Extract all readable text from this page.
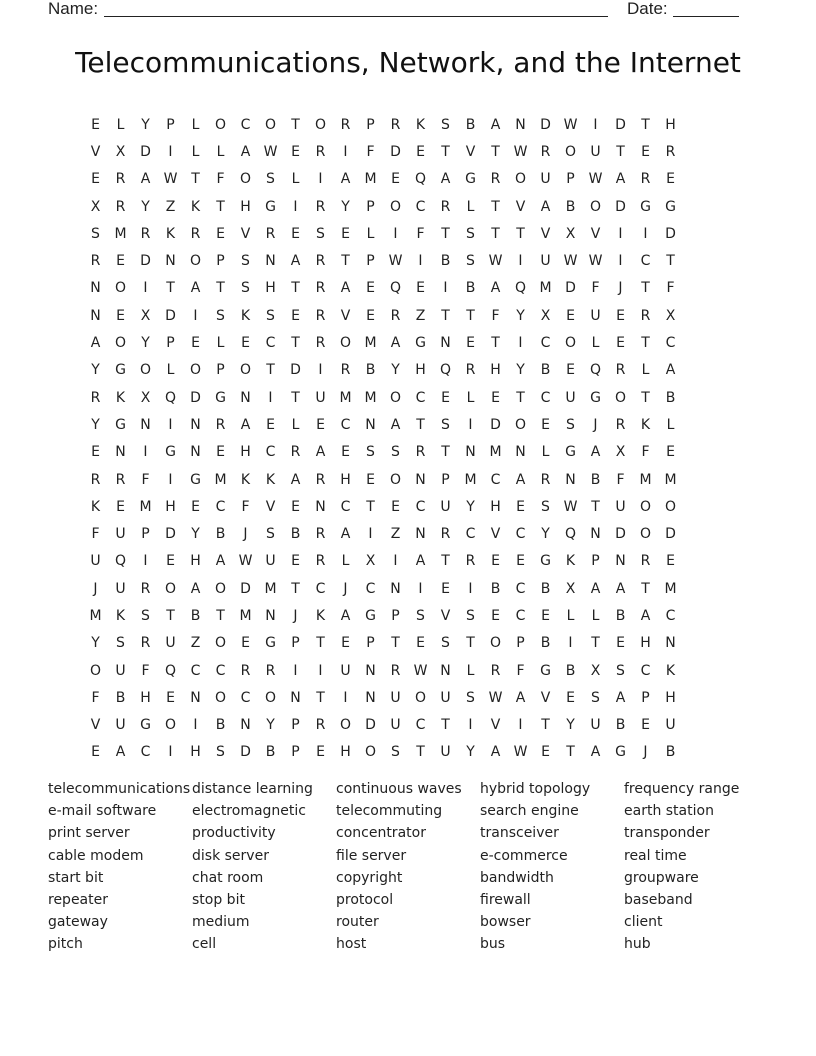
Name:	Date:
Telecommunications, Network, and the Internet
E	L	Y	P	L	O	C	O	T	O	R	P	R	K	S	B	A	N	D W	I	D	T	H
V	X	D	I	L	L	A W E	R	I	F	D	E	T	V	T W R	O	U	T	E	R
E	R	A W T	F	O	S	L	I	A	M	E	Q	A	G	R	O	U	P W A	R	E
X	R	Y	Z	K	T	H	G	I	R	Y	P	O	C	R	L	T	V	A	B	O	D	G	G
S	M	R	K	R	E	V	R	E	S	E	L	I	F	T	S	T	T	V	X	V	I	I	D
R	E	D	N	O	P	S	N	A	R	T	P W	I	B	S W	I	U W W	I	C	T
N	O	I	T	A	T	S	H	T	R	A	E	Q	E	I	B	A	Q M D	F	J	T	F
N	E	X	D	I	S	K	S	E	R	V	E	R	Z	T	T	F	Y	X	E	U	E	R	X
A	O	Y	P	E	L	E	C	T	R	O M	A	G	N	E	T	I	C	O	L	E	T	C
Y	G	O	L	O	P	O	T	D	I	R	B	Y	H	Q	R	H	Y	B	E	Q	R	L	A
R	K	X	Q	D	G	N	I	T	U M M O	C	E	L	E	T	C	U	G	O	T	B
Y	G	N	I	N	R	A	E	L	E	C	N	A	T	S	I	D	O	E	S	J	R	K	L
E	N	I	G	N	E	H	C	R	A	E	S	S	R	T	N M N	L	G	A	X	F	E
R	R	F	I	G M	K	K	A	R	H	E	O	N	P	M	C	A	R	N	B	F	M M
K	E	M H	E	C	F	V	E	N	C	T	E	C	U	Y	H	E	S W T	U	O O
F	U	P	D	Y	B	J	S	B	R	A	I	Z	N	R	C	V	C	Y	Q	N	D	O	D
U	Q	I	E	H	A W U	E	R	L	X	I	A	T	R	E	E	G	K	P	N	R	E
J	U	R	O	A	O	D M	T	C	J	C	N	I	E	I	B	C	B	X	A	A	T	M
M	K	S	T	B	T	M N	J	K	A	G	P	S	V	S	E	C	E	L	L	B	A	C
Y	S	R	U	Z	O	E	G	P	T	E	P	T	E	S	T	O	P	B	I	T	E	H	N
O	U	F	Q	C	C	R	R	I	I	U	N	R W N	L	R	F	G	B	X	S	C	K
F	B	H	E	N	O	C	O	N	T	I	N	U	O	U	S W A	V	E	S	A	P	H
V	U	G	O	I	B	N	Y	P	R	O	D	U	C	T	I	V	I	T	Y	U	B	E	U
E	A	C	I	H	S	D	B	P	E	H	O	S	T	U	Y	A W E	T	A	G	J	B
telecommunications
e-mail software
print server
cable modem
start bit
repeater
gateway
pitch
distance learning
electromagnetic
productivity
disk server
chat room
stop bit
medium
cell
continuous waves
telecommuting
concentrator
file server
copyright
protocol
router
host
hybrid topology
search engine
transceiver
e-commerce
bandwidth
firewall
bowser
bus
frequency range
earth station
transponder
real time
groupware
baseband
client
hub
